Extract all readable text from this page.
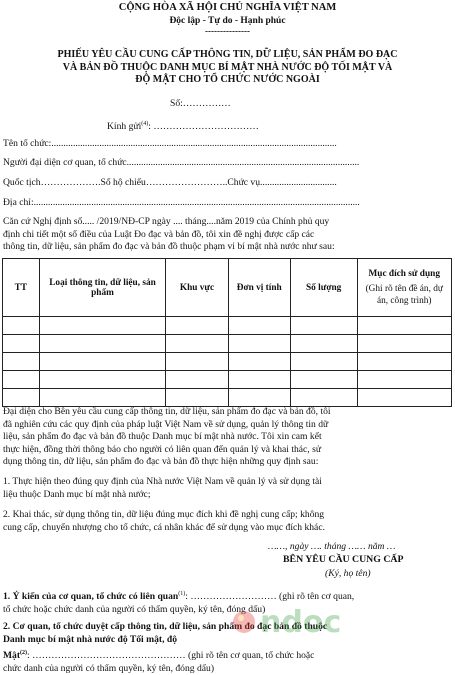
CỘNG HÒA XÃ HỘI CHỦ NGHĨA VIỆT NAM
Độc lập - Tự do - Hạnh phúc
---------------
PHIẾU YÊU CẦU CUNG CẤP THÔNG TIN, DỮ LIỆU, SẢN PHẨM ĐO ĐẠC
VÀ BẢN ĐỒ THUỘC DANH MỤC BÍ MẬT NHÀ NƯỚC ĐỘ TỐI MẬT VÀ
ĐỘ MẬT CHO TỔ CHỨC NƯỚC NGOÀI
Số:……………
Kính gửi$^{(4)}$: ……………………………
Tên tổ chức:.......................................................................................................................
Người đại diện cơ quan, tổ chức.................................................................................................
Quốc tịch……………….Số hộ chiếu……………………..Chức vụ................................
Địa chỉ:........................................................................................................................................
Căn cứ Nghị định số..... /2019/NĐ-CP ngày .... tháng....năm 2019 của Chính phủ quy
định chi tiết một số điều của Luật Đo đạc và bản đồ, tôi xin đề nghị được cấp các
thông tin, dữ liệu, sản phẩm đo đạc và bản đồ thuộc phạm vi bí mật nhà nước như sau:
TT	Loại thông tin, dữ liệu, sản phẩm	Khu vực	Đơn vị tính	Số lượng	Mục đích sử dụng
(Ghi rõ tên đề án, dự án, công trình)

Đại diện cho Bên yêu cầu cung cấp thông tin, dữ liệu, sản phẩm đo đạc và bản đồ, tôi
đã nghiên cứu các quy định của pháp luật Việt Nam về sử dụng, quản lý thông tin dữ
liệu, sản phẩm đo đạc và bản đồ thuộc Danh mục bí mật nhà nước. Tôi xin cam kết
thực hiện, đồng thời thông báo cho người có liên quan đến quản lý và khai thác, sử
dụng thông tin, dữ liệu, sản phẩm đo đạc và bản đồ thực hiện những quy định sau:
1. Thực hiện theo đúng quy định của Nhà nước Việt Nam về quản lý và sử dụng tài
liệu thuộc Danh mục bí mật nhà nước;
2. Khai thác, sử dụng thông tin, dữ liệu đúng mục đích khi đề nghị cung cấp; không
cung cấp, chuyển nhượng cho tổ chức, cá nhân khác để sử dụng vào mục đích khác.
……, ngày …. tháng …… năm …
BÊN YÊU CẦU CUNG CẤP
(Ký, họ tên)
1. Ý kiến của cơ quan, tổ chức có liên quan$^{(1)}$: ……………………… (ghi rõ tên cơ quan,
tổ chức hoặc chức danh của người có thẩm quyền, ký tên, đóng dấu)
2. Cơ quan, tổ chức duyệt cấp thông tin, dữ liệu, sản phẩm đo đạc bản đồ thuộc
Danh mục bí mật nhà nước độ Tối mật, độ
Mật$^{(2)}$: ………………………………………… (ghi rõ tên cơ quan, tổ chức hoặc
chức danh của người có thẩm quyền, ký tên, đóng dấu)
ndoc
